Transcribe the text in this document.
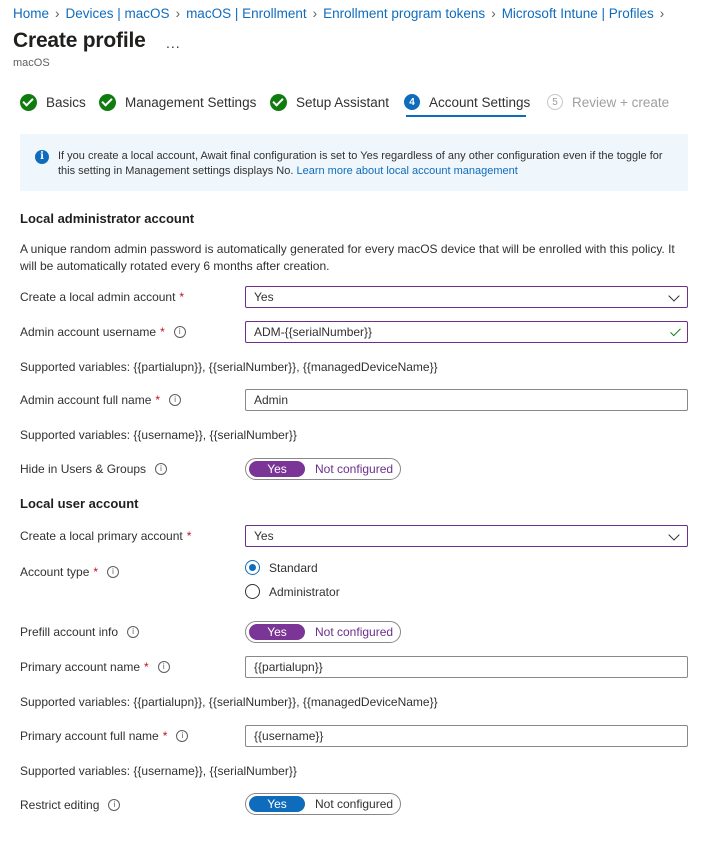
Home › Devices | macOS › macOS | Enrollment › Enrollment program tokens › Microsoft Intune | Profiles ›
Create profile ...
macOS
Basics	Management Settings	Setup Assistant	4	Account Settings	5	Review + create
i	If you create a local account, Await final configuration is set to Yes regardless of any other configuration even if the toggle for this setting in Management settings displays No. Learn more about local account management
Local administrator account
A unique random admin password is automatically generated for every macOS device that will be enrolled with this policy. It will be automatically rotated every 6 months after creation.
Create a local admin account *	Yes
Admin account username *	i	ADM-{{serialNumber}}
Supported variables: {{partialupn}}, {{serialNumber}}, {{managedDeviceName}}
Admin account full name *	i	Admin
Supported variables: {{username}}, {{serialNumber}}
Hide in Users & Groups	i	Yes	Not configured
Local user account
Create a local primary account *	Yes
Account type *	i	Standard
Administrator
Prefill account info	i	Yes	Not configured
Primary account name *	i	{{partialupn}}
Supported variables: {{partialupn}}, {{serialNumber}}, {{managedDeviceName}}
Primary account full name *	i	{{username}}
Supported variables: {{username}}, {{serialNumber}}
Restrict editing	i	Yes	Not configured
